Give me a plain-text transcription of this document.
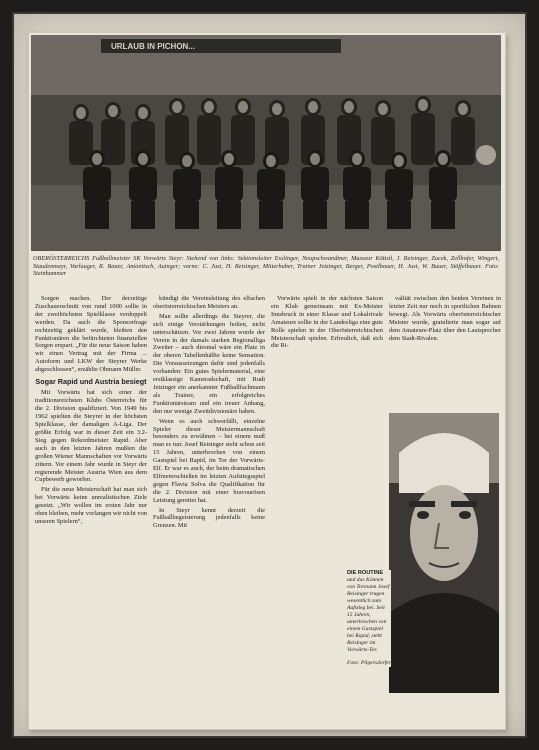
URLAUB IN PICHON...
OBERÖSTERREICHS Fußballmeister SK Vorwärts Steyr: Stehend von links: Sektionsleiter Esslinger, Neupschwandtner, Masseur Köttstl, J. Reisinger, Zacek, Zellhofer, Wingert, Staudenmayr, Varlauger, R. Bauer, Antonitsch, Auinger; vorne: C. Just, H. Reisinger, Mitterhuber, Trainer Jetzinger, Berger, Postlbauer, H. Just, W. Bauer, Stöffelbauer. Foto: Steinhammer

Sorgen machen. Der derzeitige Zuschauerschnitt von rund 1000 sollte in der zweihöchsten Spielklasse verdoppelt werden. Da auch die Sponsorfrage rechtzeitig geklärt wurde, bleiben den Funktionären die befürchteten finanziellen Sorgen erspart. „Für die neue Saison haben wir einen Vertrag mit der Firma ... Autoform und LKW der Steyrer Werke abgeschlossen“, erzählte Obmann Müller.

Sogar Rapid und Austria besiegt

Mit Vorwärts hat sich einer der traditionsreichsten Klubs Österreichs für die 2. Division qualifiziert. Von 1949 bis 1962 spielten die Steyrer in der höchsten Spielklasse, der damaligen A-Liga. Der größte Erfolg war in dieser Zeit ein 3:2-Sieg gegen Rekordmeister Rapid. Aber auch in den letzten Jahren mußten die großen Wiener Mannschaften vor Vorwärts zittern. Vor einem Jahr wurde in Steyr der regierende Meister Austria Wien aus dem Cupbewerb geworfen.

Für die neue Meisterschaft hat man sich bei Vorwärts keine unrealistischen Ziele gesetzt. „Wir wollen im ersten Jahr nur oben bleiben, mehr vorlangen wir nicht von unseren Spielern“,

kündigt die Vereinsleitung des elfachen oberösterreichischen Meisters an.

Man sollte allerdings die Steyrer, die sich einige Verstärkungen holten, nicht unterschätzen. Vor zwei Jahren wurde der Verein in der damals starken Regionalliga Zweiter – auch diesmal wäre ein Platz in der oberen Tabellenhälfte keine Sensation. Die Voraussetzungen dafür sind jedenfalls vorhanden: Ein gutes Spielermaterial, eine erstklassige Kameradschaft, mit Rudi Jetzinger ein anerkannter Fußballfachmann als Trainer, ein erfolgreiches Funktionärsteam und ein treuer Anhang, den nur wenige Zweitdivisionäre haben.

Wenn es auch schwerfällt, einzelne Spieler dieser Meistermannschaft besonders zu erwähnen – bei einem muß man es tun: Josef Reisinger steht schon seit 15 Jahren, unterbrochen von einem Gastspiel bei Rapid, im Tor der Vorwärts-Elf. Er war es auch, der beim dramatischen Elfmeterschießen im letzten Aufstiegsspiel gegen Flavia Solva die Qualifikation für die 2. Division mit einer bravourösen Leistung gerettet hat.

In Steyr kennt derzeit die Fußballbegeisterung jedenfalls keine Grenzen. Mit

Vorwärts spielt in der nächsten Saison ein Klub gemeinsam mit Ex-Meister Innsbruck in einer Klasse und Lokalrivale Amateure sollte in der Landesliga eine gute Rolle spielen in der Oberösterreichischen Meisterschaft spielen. Erfreulich, daß sich die Ri-

valität zwischen den beiden Vereinen in letzter Zeit nur noch in sportlichen Bahnen bewegt. Als Vorwärts oberösterreichischer Meister wurde, gratulierte man sogar auf dem Amateure-Platz über den Lautsprecher dem Stadt-Rivalen.

DIE ROUTINE und das Können von Tormann Josef Reisinger trugen wesentlich zum Aufstieg bei. Seit 15 Jahren, unterbrochen von einem Gastspiel bei Rapid, steht Reisinger im Vorwärts-Tor.
Foto: Pilgersdorfer
